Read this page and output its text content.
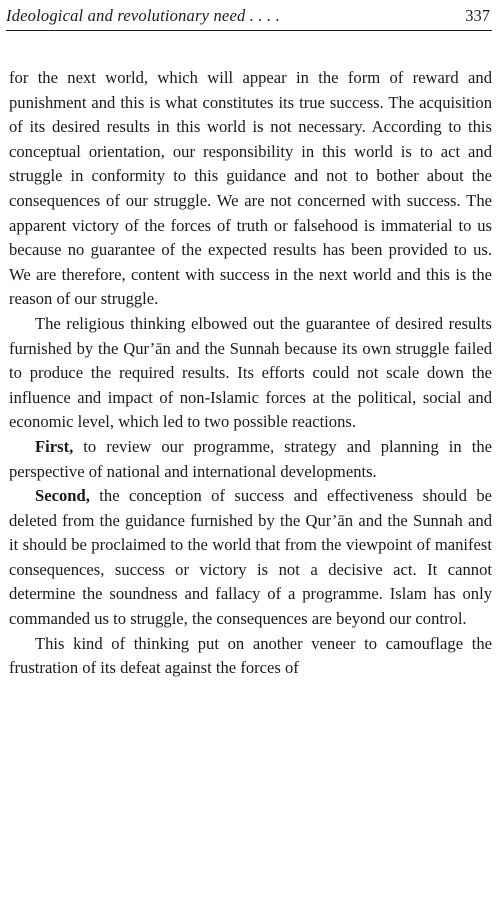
Ideological and revolutionary need . . . .	337

for the next world, which will appear in the form of reward and punishment and this is what constitutes its true success. The acquisition of its desired results in this world is not necessary. According to this conceptual orientation, our responsibility in this world is to act and struggle in conformity to this guidance and not to bother about the consequences of our struggle. We are not concerned with success. The apparent victory of the forces of truth or falsehood is immaterial to us because no guarantee of the expected results has been provided to us. We are therefore, content with success in the next world and this is the reason of our struggle.

The religious thinking elbowed out the guarantee of desired results furnished by the Qur’ān and the Sunnah because its own struggle failed to produce the required results. Its efforts could not scale down the influence and impact of non-Islamic forces at the political, social and economic level, which led to two possible reactions.

First, to review our programme, strategy and planning in the perspective of national and international developments.

Second, the conception of success and effectiveness should be deleted from the guidance furnished by the Qur’ān and the Sunnah and it should be proclaimed to the world that from the viewpoint of manifest consequences, success or victory is not a decisive act. It cannot determine the soundness and fallacy of a programme. Islam has only commanded us to struggle, the consequences are beyond our control.

This kind of thinking put on another veneer to camouflage the frustration of its defeat against the forces of
